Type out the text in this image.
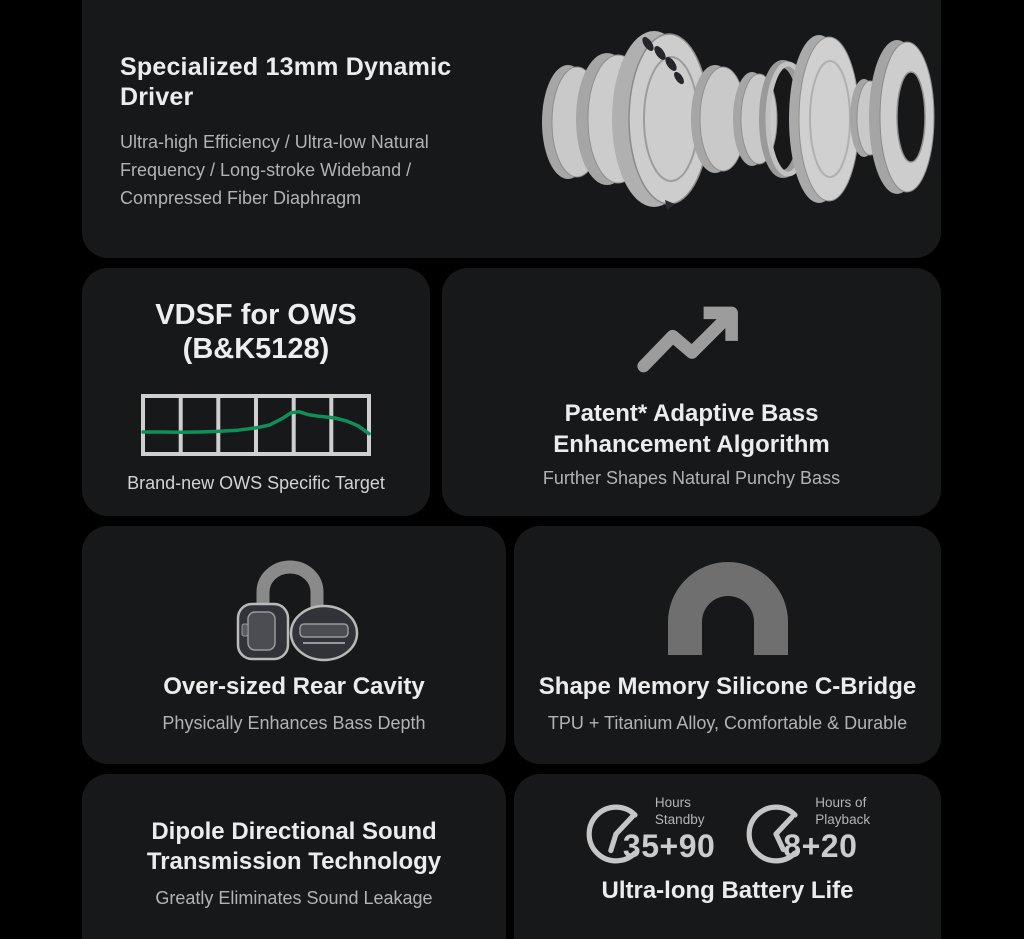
Specialized 13mm Dynamic Driver
Ultra-high Efficiency / Ultra-low Natural
Frequency / Long-stroke Wideband /
Compressed Fiber Diaphragm
VDSF for OWS
(B&K5128)
Brand-new OWS Specific Target
Patent* Adaptive Bass
Enhancement Algorithm
Further Shapes Natural Punchy Bass
Over-sized Rear Cavity
Physically Enhances Bass Depth
Shape Memory Silicone C-Bridge
TPU + Titanium Alloy, Comfortable & Durable
Dipole Directional Sound
Transmission Technology
Greatly Eliminates Sound Leakage
Hours
Standby
35+90
Hours of
Playback
8+20
Ultra-long Battery Life
